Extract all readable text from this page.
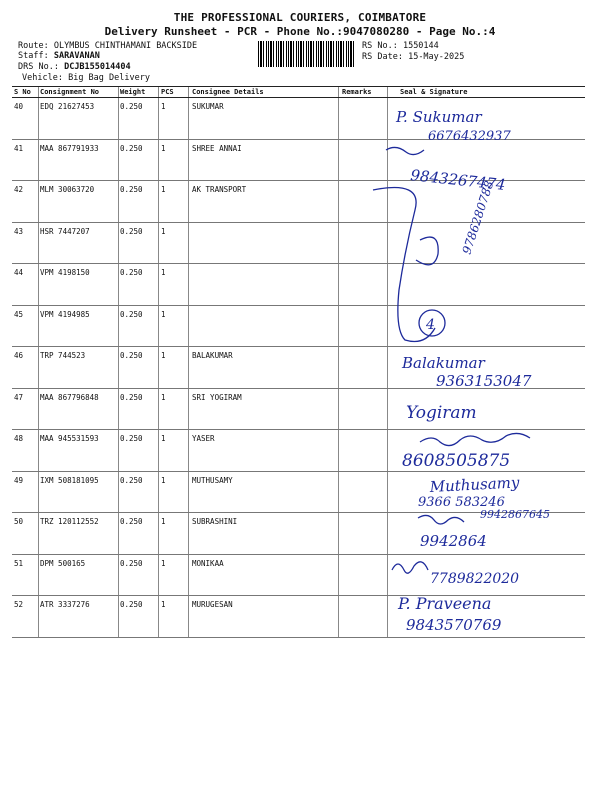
THE PROFESSIONAL COURIERS, COIMBATORE
Delivery Runsheet - PCR - Phone No.:9047080280 - Page No.:4
Route: OLYMBUS CHINTHAMANI BACKSIDE
Staff: SARAVANAN
DRS No.: DCJB155014404
Vehicle: Big Bag Delivery
RS No.: 1550144
RS Date: 15-May-2025
S No Consignment No	Weight PCS	Consignee Details	Remarks	Seal & Signature
40 EDQ 21627453	0.250 1	SUKUMAR
41 MAA 867791933	0.250 1	SHREE ANNAI
42 MLM 30063720	0.250 1	AK TRANSPORT
43 HSR 7447207	0.250 1
44 VPM 4198150	0.250 1
45 VPM 4194985	0.250 1
46 TRP 744523	0.250 1	BALAKUMAR
47 MAA 867796848	0.250 1	SRI YOGIRAM
48 MAA 945531593	0.250 1	YASER
49 IXM 508181095	0.250 1	MUTHUSAMY
50 TRZ 120112552	0.250 1	SUBRASHINI
51 DPM 500165	0.250 1	MONIKAA
52 ATR 3337276	0.250 1	MURUGESAN
P. Sukumar
6676432937
9843267474
9786280788
4
Balakumar
9363153047
Yogiram
8608505875
Muthusamy
9366 583246
9942867645
9942864
7789822020
P. Praveena
9843570769
